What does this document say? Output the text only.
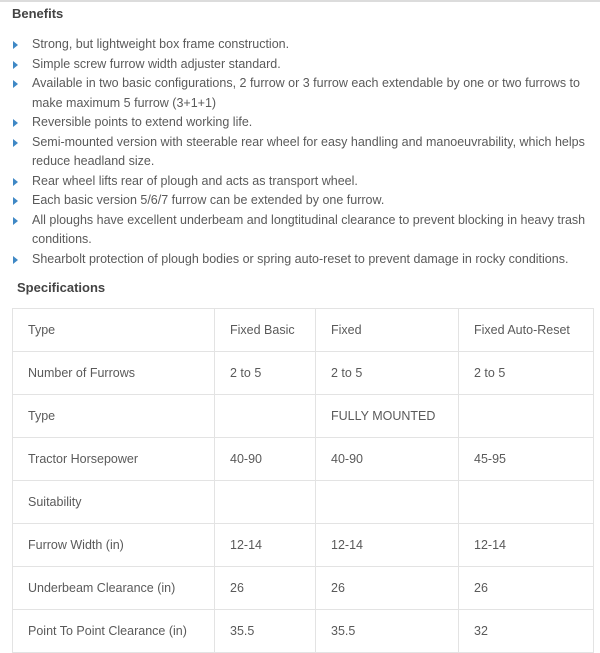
Benefits
Strong, but lightweight box frame construction.
Simple screw furrow width adjuster standard.
Available in two basic configurations, 2 furrow or 3 furrow each extendable by one or two furrows to make maximum 5 furrow (3+1+1)
Reversible points to extend working life.
Semi-mounted version with steerable rear wheel for easy handling and manoeuvrability, which helps reduce headland size.
Rear wheel lifts rear of plough and acts as transport wheel.
Each basic version 5/6/7 furrow can be extended by one furrow.
All ploughs have excellent underbeam and longtitudinal clearance to prevent blocking in heavy trash conditions.
Shearbolt protection of plough bodies or spring auto-reset to prevent damage in rocky conditions.
Specifications
Type	Fixed Basic	Fixed	Fixed Auto-Reset
Number of Furrows	2 to 5	2 to 5	2 to 5
Type		FULLY MOUNTED	
Tractor Horsepower	40-90	40-90	45-95
Suitability			
Furrow Width (in)	12-14	12-14	12-14
Underbeam Clearance (in)	26	26	26
Point To Point Clearance (in)	35.5	35.5	32
